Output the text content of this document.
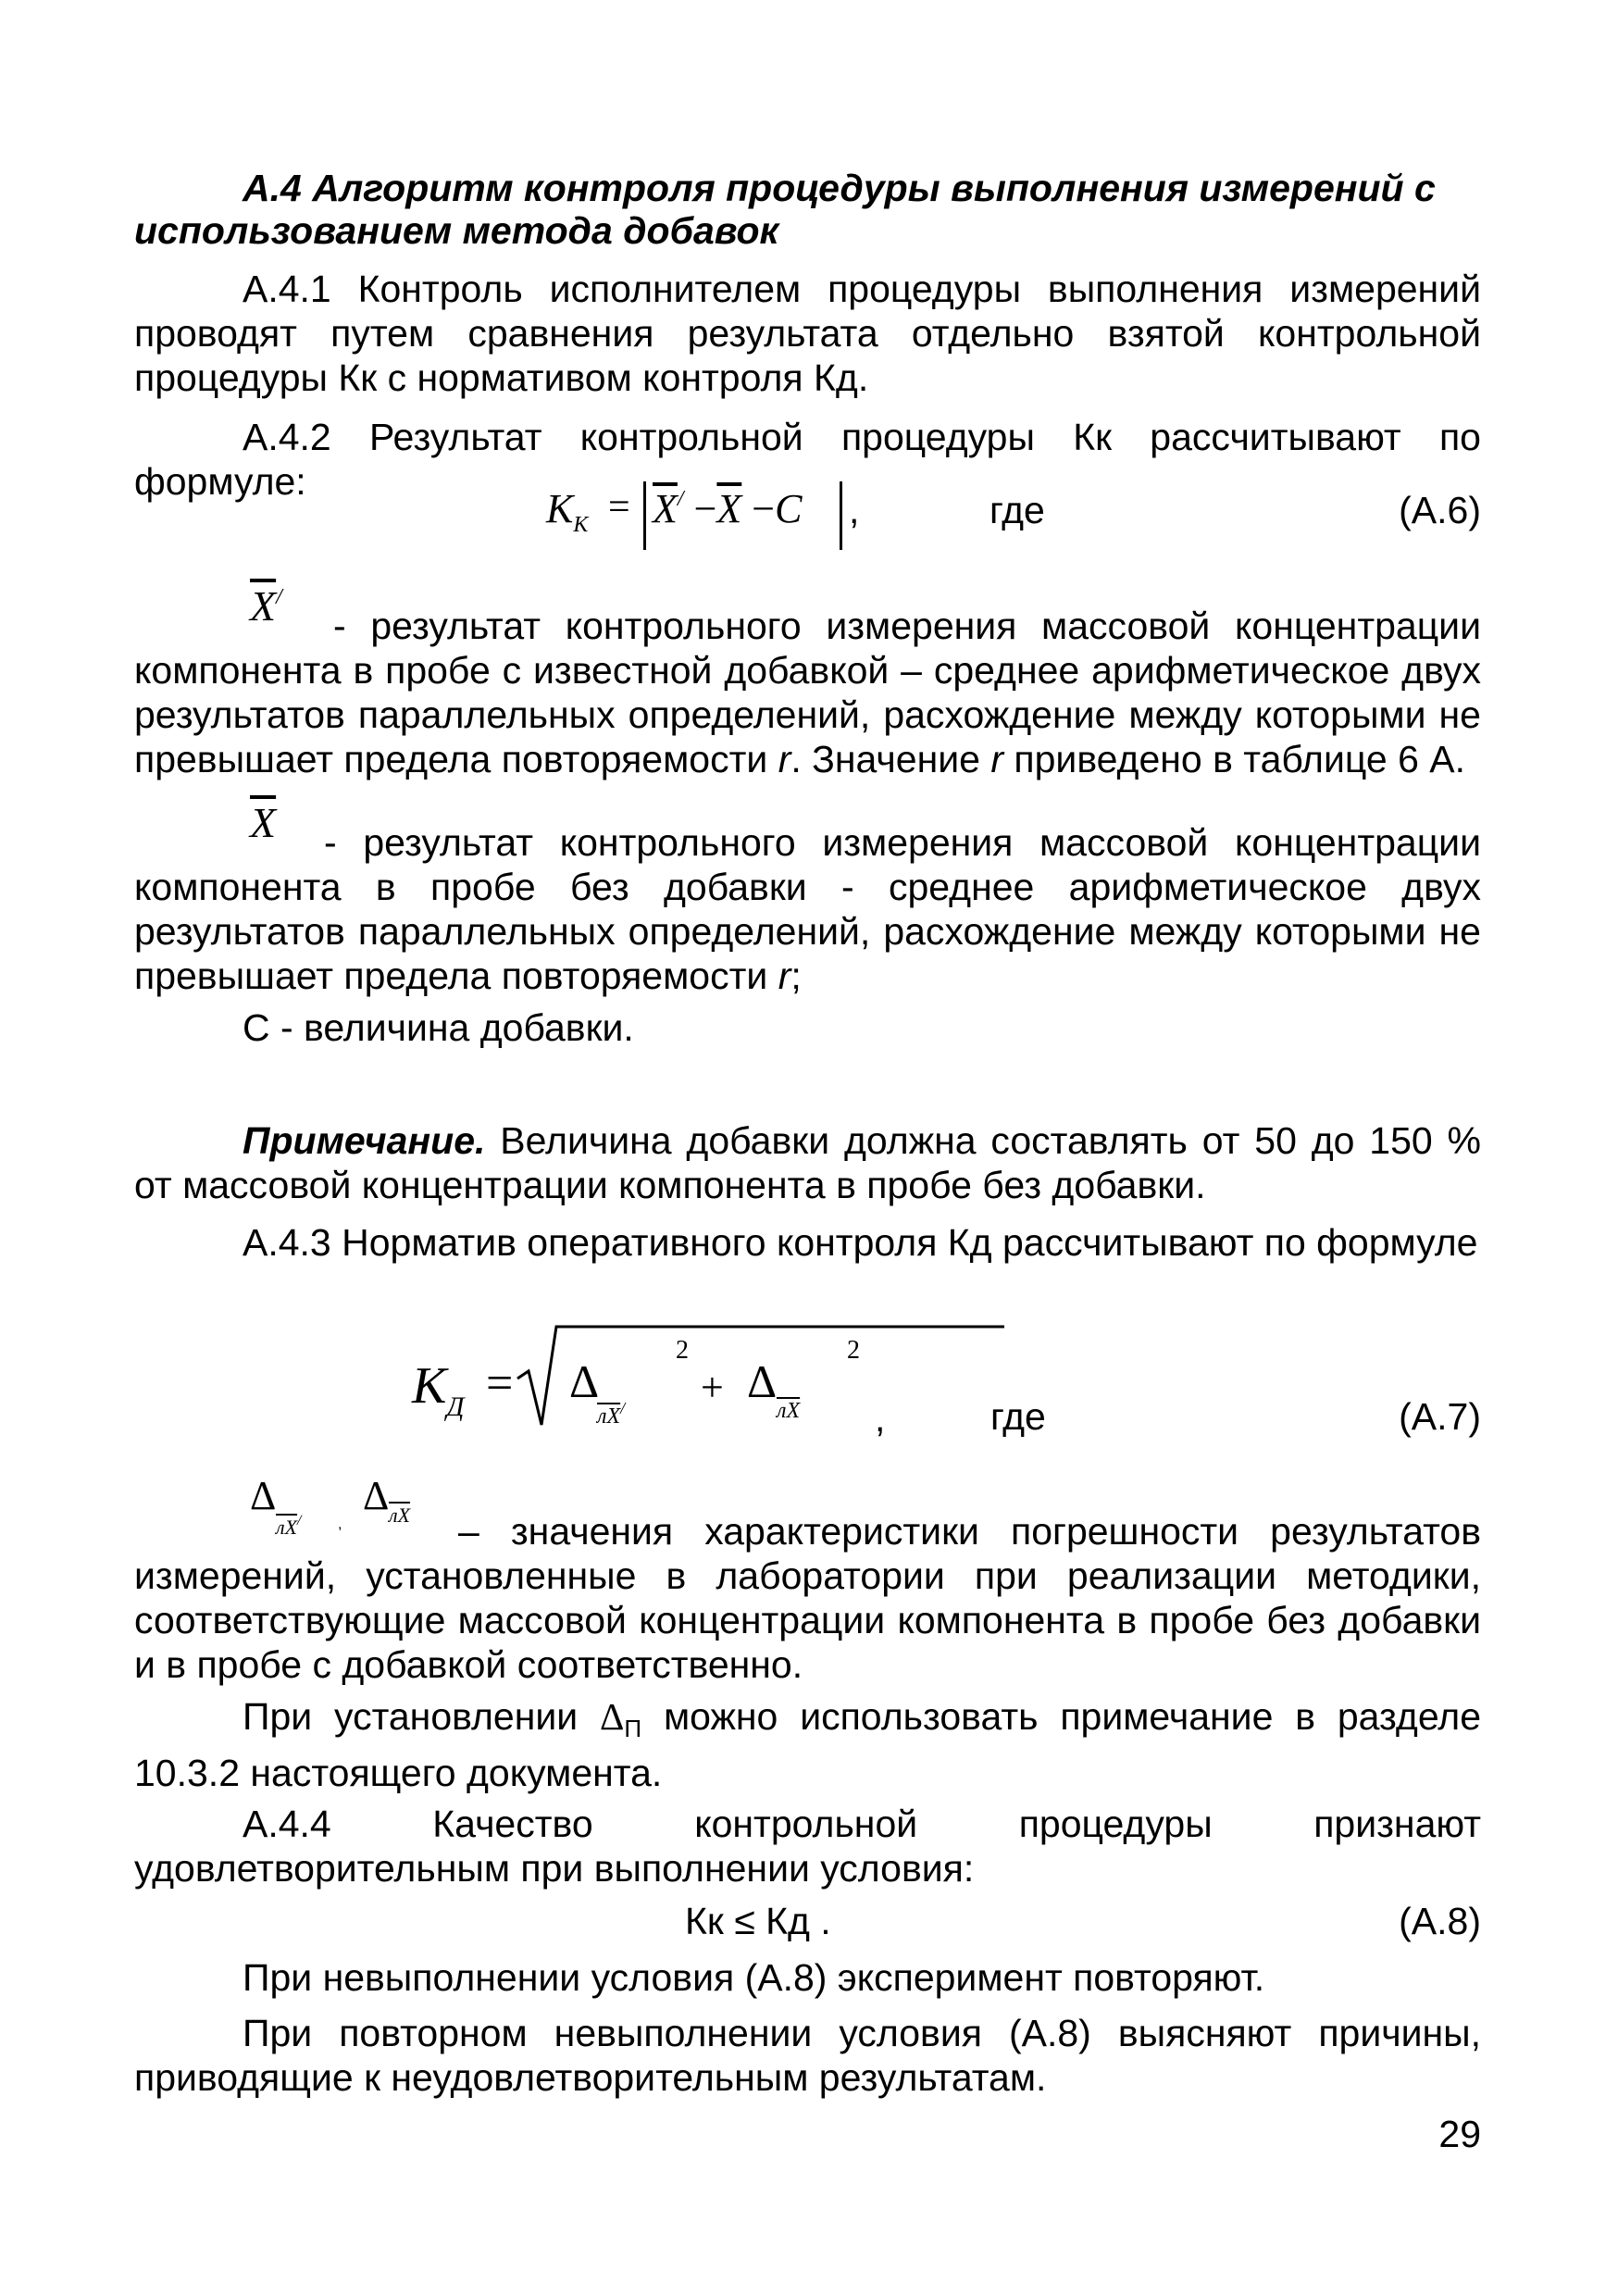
А.4 Алгоритм контроля процедуры выполнения измерений с использованием метода добавок

А.4.1 Контроль исполнителем процедуры выполнения измерений проводят путем сравнения результата отдельно взятой контрольной процедуры Кк с нормативом контроля Кд.

А.4.2 Результат контрольной процедуры Кк рассчитывают по формуле:

$K_К = \overline{X}^/ -\overline{X} -C$ ,	где	(А.6)
$\overline{X}^/$

- результат контрольного измерения массовой концентрации компонента в пробе с известной добавкой – среднее арифметическое двух результатов параллельных определений, расхождение между которыми не превышает предела повторяемости r. Значение r приведено в таблице 6 А.

$\overline{X}$	- результат контрольного измерения массовой концентрации компонента в пробе без добавки - среднее арифметическое двух результатов параллельных определений, расхождение между которыми не превышает предела повторяемости r;

С - величина добавки.

Примечание. Величина добавки должна составлять от 50 до 150 % от массовой концентрации компонента в пробе без добавки.

А.4.3 Норматив оперативного контроля Кд рассчитывают по формуле

$K_Д = \Delta$
лX/
2
+ Δ
лX
2
,	где	(А.7)
Δ
лX/ ,
Δ лX	– значения характеристики погрешности результатов измерений, установленные в лаборатории при реализации методики, соответствующие массовой концентрации компонента в пробе без добавки и в пробе с добавкой соответственно.

При установлении ΔП можно использовать примечание в разделе 10.3.2 настоящего документа.

А.4.4 Качество контрольной процедуры признают удовлетворительным при выполнении условия:

Кк ≤ Кд .	(А.8)

При невыполнении условия (А.8) эксперимент повторяют.

При повторном невыполнении условия (А.8) выясняют причины, приводящие к неудовлетворительным результатам.

29
